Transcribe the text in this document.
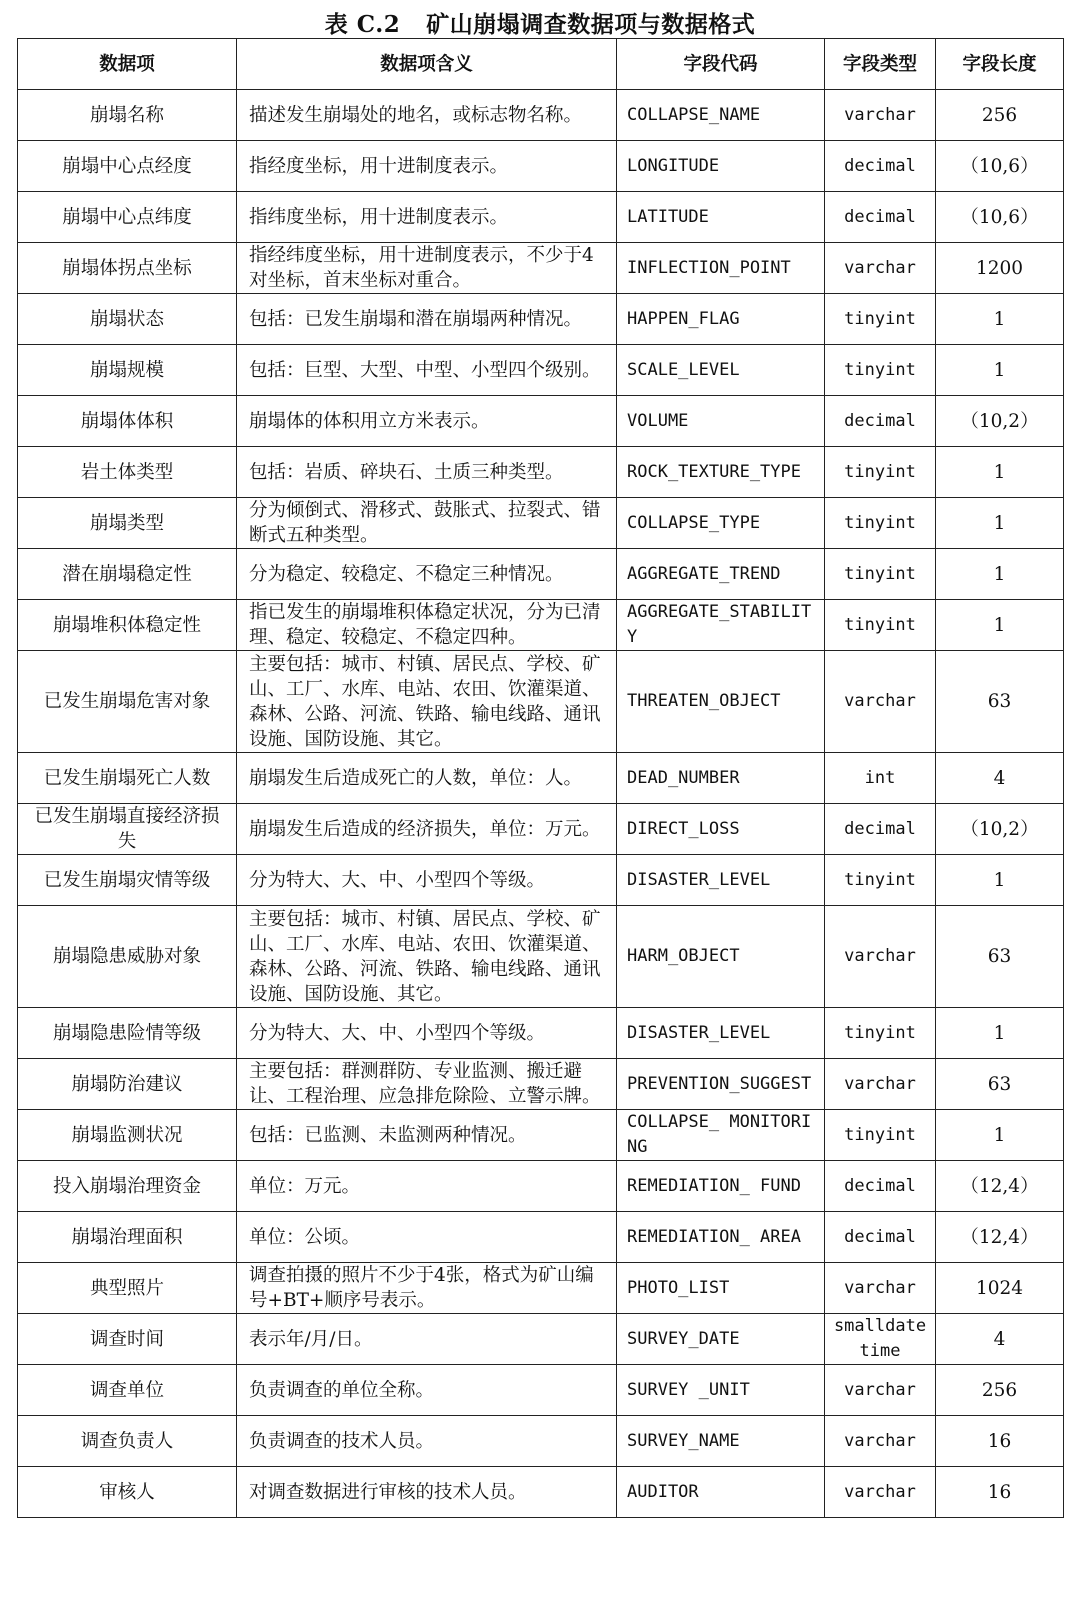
表 C.2 矿山崩塌调查数据项与数据格式
数据项	数据项含义	字段代码	字段类型	字段长度
崩塌名称	描述发生崩塌处的地名，或标志物名称。	COLLAPSE_NAME	varchar	256
崩塌中心点经度	指经度坐标，用十进制度表示。	LONGITUDE	decimal	（10,6）
崩塌中心点纬度	指纬度坐标，用十进制度表示。	LATITUDE	decimal	（10,6）
崩塌体拐点坐标	指经纬度坐标，用十进制度表示，不少于4对坐标，首末坐标对重合。	INFLECTION_POINT	varchar	1200
崩塌状态	包括：已发生崩塌和潜在崩塌两种情况。	HAPPEN_FLAG	tinyint	1
崩塌规模	包括：巨型、大型、中型、小型四个级别。	SCALE_LEVEL	tinyint	1
崩塌体体积	崩塌体的体积用立方米表示。	VOLUME	decimal	（10,2）
岩土体类型	包括：岩质、碎块石、土质三种类型。	ROCK_TEXTURE_TYPE	tinyint	1
崩塌类型	分为倾倒式、滑移式、鼓胀式、拉裂式、错断式五种类型。	COLLAPSE_TYPE	tinyint	1
潜在崩塌稳定性	分为稳定、较稳定、不稳定三种情况。	AGGREGATE_TREND	tinyint	1
崩塌堆积体稳定性	指已发生的崩塌堆积体稳定状况，分为已清理、稳定、较稳定、不稳定四种。	AGGREGATE_STABILITY	tinyint	1
已发生崩塌危害对象	主要包括：城市、村镇、居民点、学校、矿山、工厂、水库、电站、农田、饮灌渠道、森林、公路、河流、铁路、输电线路、通讯设施、国防设施、其它。	THREATEN_OBJECT	varchar	63
已发生崩塌死亡人数	崩塌发生后造成死亡的人数，单位：人。	DEAD_NUMBER	int	4
已发生崩塌直接经济损失	崩塌发生后造成的经济损失，单位：万元。	DIRECT_LOSS	decimal	（10,2）
已发生崩塌灾情等级	分为特大、大、中、小型四个等级。	DISASTER_LEVEL	tinyint	1
崩塌隐患威胁对象	主要包括：城市、村镇、居民点、学校、矿山、工厂、水库、电站、农田、饮灌渠道、森林、公路、河流、铁路、输电线路、通讯设施、国防设施、其它。	HARM_OBJECT	varchar	63
崩塌隐患险情等级	分为特大、大、中、小型四个等级。	DISASTER_LEVEL	tinyint	1
崩塌防治建议	主要包括：群测群防、专业监测、搬迁避让、工程治理、应急排危除险、立警示牌。	PREVENTION_SUGGEST	varchar	63
崩塌监测状况	包括：已监测、未监测两种情况。	COLLAPSE_ MONITORING	tinyint	1
投入崩塌治理资金	单位：万元。	REMEDIATION_ FUND	decimal	（12,4）
崩塌治理面积	单位：公顷。	REMEDIATION_ AREA	decimal	（12,4）
典型照片	调查拍摄的照片不少于4张，格式为矿山编号+BT+顺序号表示。	PHOTO_LIST	varchar	1024
调查时间	表示年/月/日。	SURVEY_DATE	smalldatetime	4
调查单位	负责调查的单位全称。	SURVEY _UNIT	varchar	256
调查负责人	负责调查的技术人员。	SURVEY_NAME	varchar	16
审核人	对调查数据进行审核的技术人员。	AUDITOR	varchar	16
